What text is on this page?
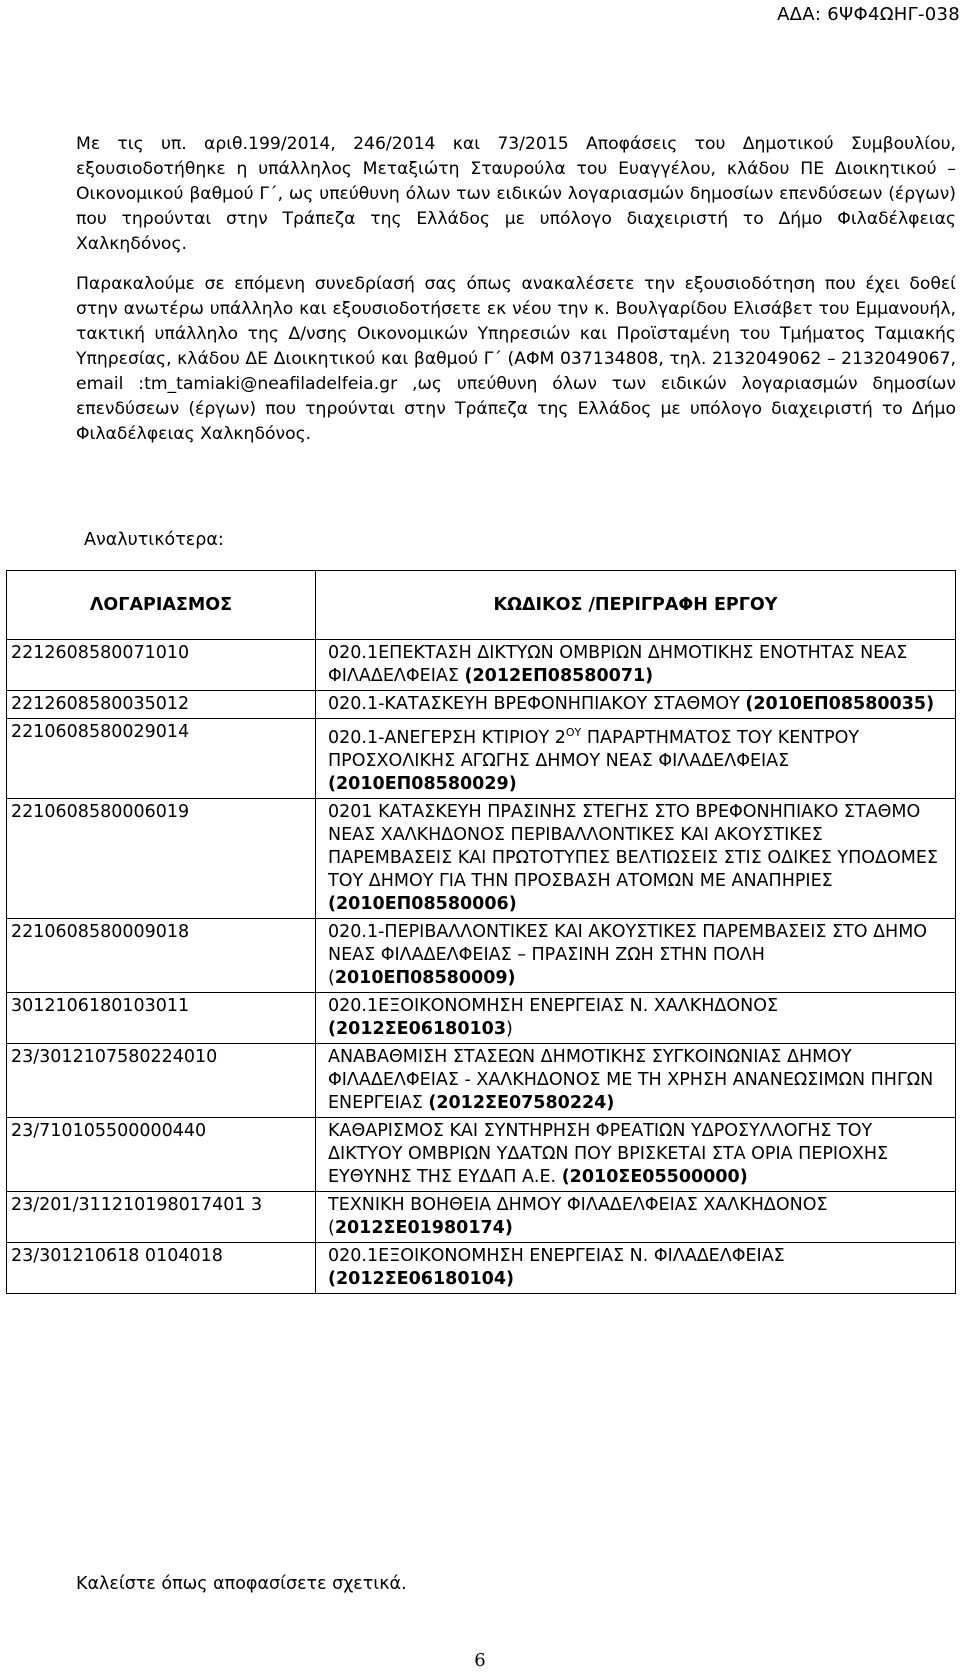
ΑΔΑ: 6ΨΦ4ΩΗΓ-038
Με τις υπ. αριθ.199/2014, 246/2014 και 73/2015 Αποφάσεις του Δημοτικού Συμβουλίου, εξουσιοδοτήθηκε η υπάλληλος Μεταξιώτη Σταυρούλα του Ευαγγέλου, κλάδου ΠΕ Διοικητικού – Οικονομικού βαθμού Γ΄, ως υπεύθυνη όλων των ειδικών λογαριασμών δημοσίων επενδύσεων (έργων) που τηρούνται στην Τράπεζα της Ελλάδος με υπόλογο διαχειριστή το Δήμο Φιλαδέλφειας Χαλκηδόνος.
Παρακαλούμε σε επόμενη συνεδρίασή σας όπως ανακαλέσετε την εξουσιοδότηση που έχει δοθεί στην ανωτέρω υπάλληλο και εξουσιοδοτήσετε εκ νέου την κ. Βουλγαρίδου Ελισάβετ του Εμμανουήλ, τακτική υπάλληλο της Δ/νσης Οικονομικών Υπηρεσιών και Προϊσταμένη του Τμήματος Ταμιακής Υπηρεσίας, κλάδου ΔΕ Διοικητικού και βαθμού Γ΄ (ΑΦΜ 037134808, τηλ. 2132049062 – 2132049067, email :tm_tamiaki@neafiladelfeia.gr ,ως υπεύθυνη όλων των ειδικών λογαριασμών δημοσίων επενδύσεων (έργων) που τηρούνται στην Τράπεζα της Ελλάδος με υπόλογο διαχειριστή το Δήμο Φιλαδέλφειας Χαλκηδόνος.
Αναλυτικότερα:
ΛΟΓΑΡΙΑΣΜΟΣ	ΚΩΔΙΚΟΣ /ΠΕΡΙΓΡΑΦΗ ΕΡΓΟΥ
2212608580071010	020.1ΕΠΕΚΤΑΣΗ ΔΙΚΤΥΩΝ ΟΜΒΡΙΩΝ ΔΗΜΟΤΙΚΗΣ ΕΝΟΤΗΤΑΣ ΝΕΑΣ ΦΙΛΑΔΕΛΦΕΙΑΣ (2012ΕΠ08580071)
2212608580035012	020.1-ΚΑΤΑΣΚΕΥΗ ΒΡΕΦΟΝΗΠΙΑΚΟΥ ΣΤΑΘΜΟΥ (2010ΕΠ08580035)
2210608580029014	020.1-ΑΝΕΓΕΡΣΗ ΚΤΙΡΙΟΥ $2^{O\Upsilon}$ ΠΑΡΑΡΤΗΜΑΤΟΣ ΤΟΥ ΚΕΝΤΡΟΥ ΠΡΟΣΧΟΛΙΚΗΣ ΑΓΩΓΗΣ ΔΗΜΟΥ ΝΕΑΣ ΦΙΛΑΔΕΛΦΕΙΑΣ (2010ΕΠ08580029)
2210608580006019	0201 ΚΑΤΑΣΚΕΥΗ ΠΡΑΣΙΝΗΣ ΣΤΕΓΗΣ ΣΤΟ ΒΡΕΦΟΝΗΠΙΑΚΟ ΣΤΑΘΜΟ ΝΕΑΣ ΧΑΛΚΗΔΟΝΟΣ ΠΕΡΙΒΑΛΛΟΝΤΙΚΕΣ ΚΑΙ ΑΚΟΥΣΤΙΚΕΣ ΠΑΡΕΜΒΑΣΕΙΣ ΚΑΙ ΠΡΩΤΟΤΥΠΕΣ ΒΕΛΤΙΩΣΕΙΣ ΣΤΙΣ ΟΔΙΚΕΣ ΥΠΟΔΟΜΕΣ ΤΟΥ ΔΗΜΟΥ ΓΙΑ ΤΗΝ ΠΡΟΣΒΑΣΗ ΑΤΟΜΩΝ ΜΕ ΑΝΑΠΗΡΙΕΣ (2010ΕΠ08580006)
2210608580009018	020.1-ΠΕΡΙΒΑΛΛΟΝΤΙΚΕΣ ΚΑΙ ΑΚΟΥΣΤΙΚΕΣ ΠΑΡΕΜΒΑΣΕΙΣ ΣΤΟ ΔΗΜΟ ΝΕΑΣ ΦΙΛΑΔΕΛΦΕΙΑΣ – ΠΡΑΣΙΝΗ ΖΩΗ ΣΤΗΝ ΠΟΛΗ (2010ΕΠ08580009)
3012106180103011	020.1ΕΞΟΙΚΟΝΟΜΗΣΗ ΕΝΕΡΓΕΙΑΣ Ν. ΧΑΛΚΗΔΟΝΟΣ (2012ΣΕ06180103)
23/3012107580224010	ΑΝΑΒΑΘΜΙΣΗ ΣΤΑΣΕΩΝ ΔΗΜΟΤΙΚΗΣ ΣΥΓΚΟΙΝΩΝΙΑΣ ΔΗΜΟΥ ΦΙΛΑΔΕΛΦΕΙΑΣ - ΧΑΛΚΗΔΟΝΟΣ ΜΕ ΤΗ ΧΡΗΣΗ ΑΝΑΝΕΩΣΙΜΩΝ ΠΗΓΩΝ ΕΝΕΡΓΕΙΑΣ (2012ΣΕ07580224)
23/710105500000440	ΚΑΘΑΡΙΣΜΟΣ ΚΑΙ ΣΥΝΤΗΡΗΣΗ ΦΡΕΑΤΙΩΝ ΥΔΡΟΣΥΛΛΟΓΗΣ ΤΟΥ ΔΙΚΤΥΟΥ ΟΜΒΡΙΩΝ ΥΔΑΤΩΝ ΠΟΥ ΒΡΙΣΚΕΤΑΙ ΣΤΑ ΟΡΙΑ ΠΕΡΙΟΧΗΣ ΕΥΘΥΝΗΣ ΤΗΣ ΕΥΔΑΠ Α.Ε. (2010ΣΕ05500000)
23/201/311210198017401 3	ΤΕΧΝΙΚΗ ΒΟΗΘΕΙΑ ΔΗΜΟΥ ΦΙΛΑΔΕΛΦΕΙΑΣ ΧΑΛΚΗΔΟΝΟΣ (2012ΣΕ01980174)
23/301210618 0104018	020.1ΕΞΟΙΚΟΝΟΜΗΣΗ ΕΝΕΡΓΕΙΑΣ Ν. ΦΙΛΑΔΕΛΦΕΙΑΣ (2012ΣΕ06180104)
Καλείστε όπως αποφασίσετε σχετικά.
6
